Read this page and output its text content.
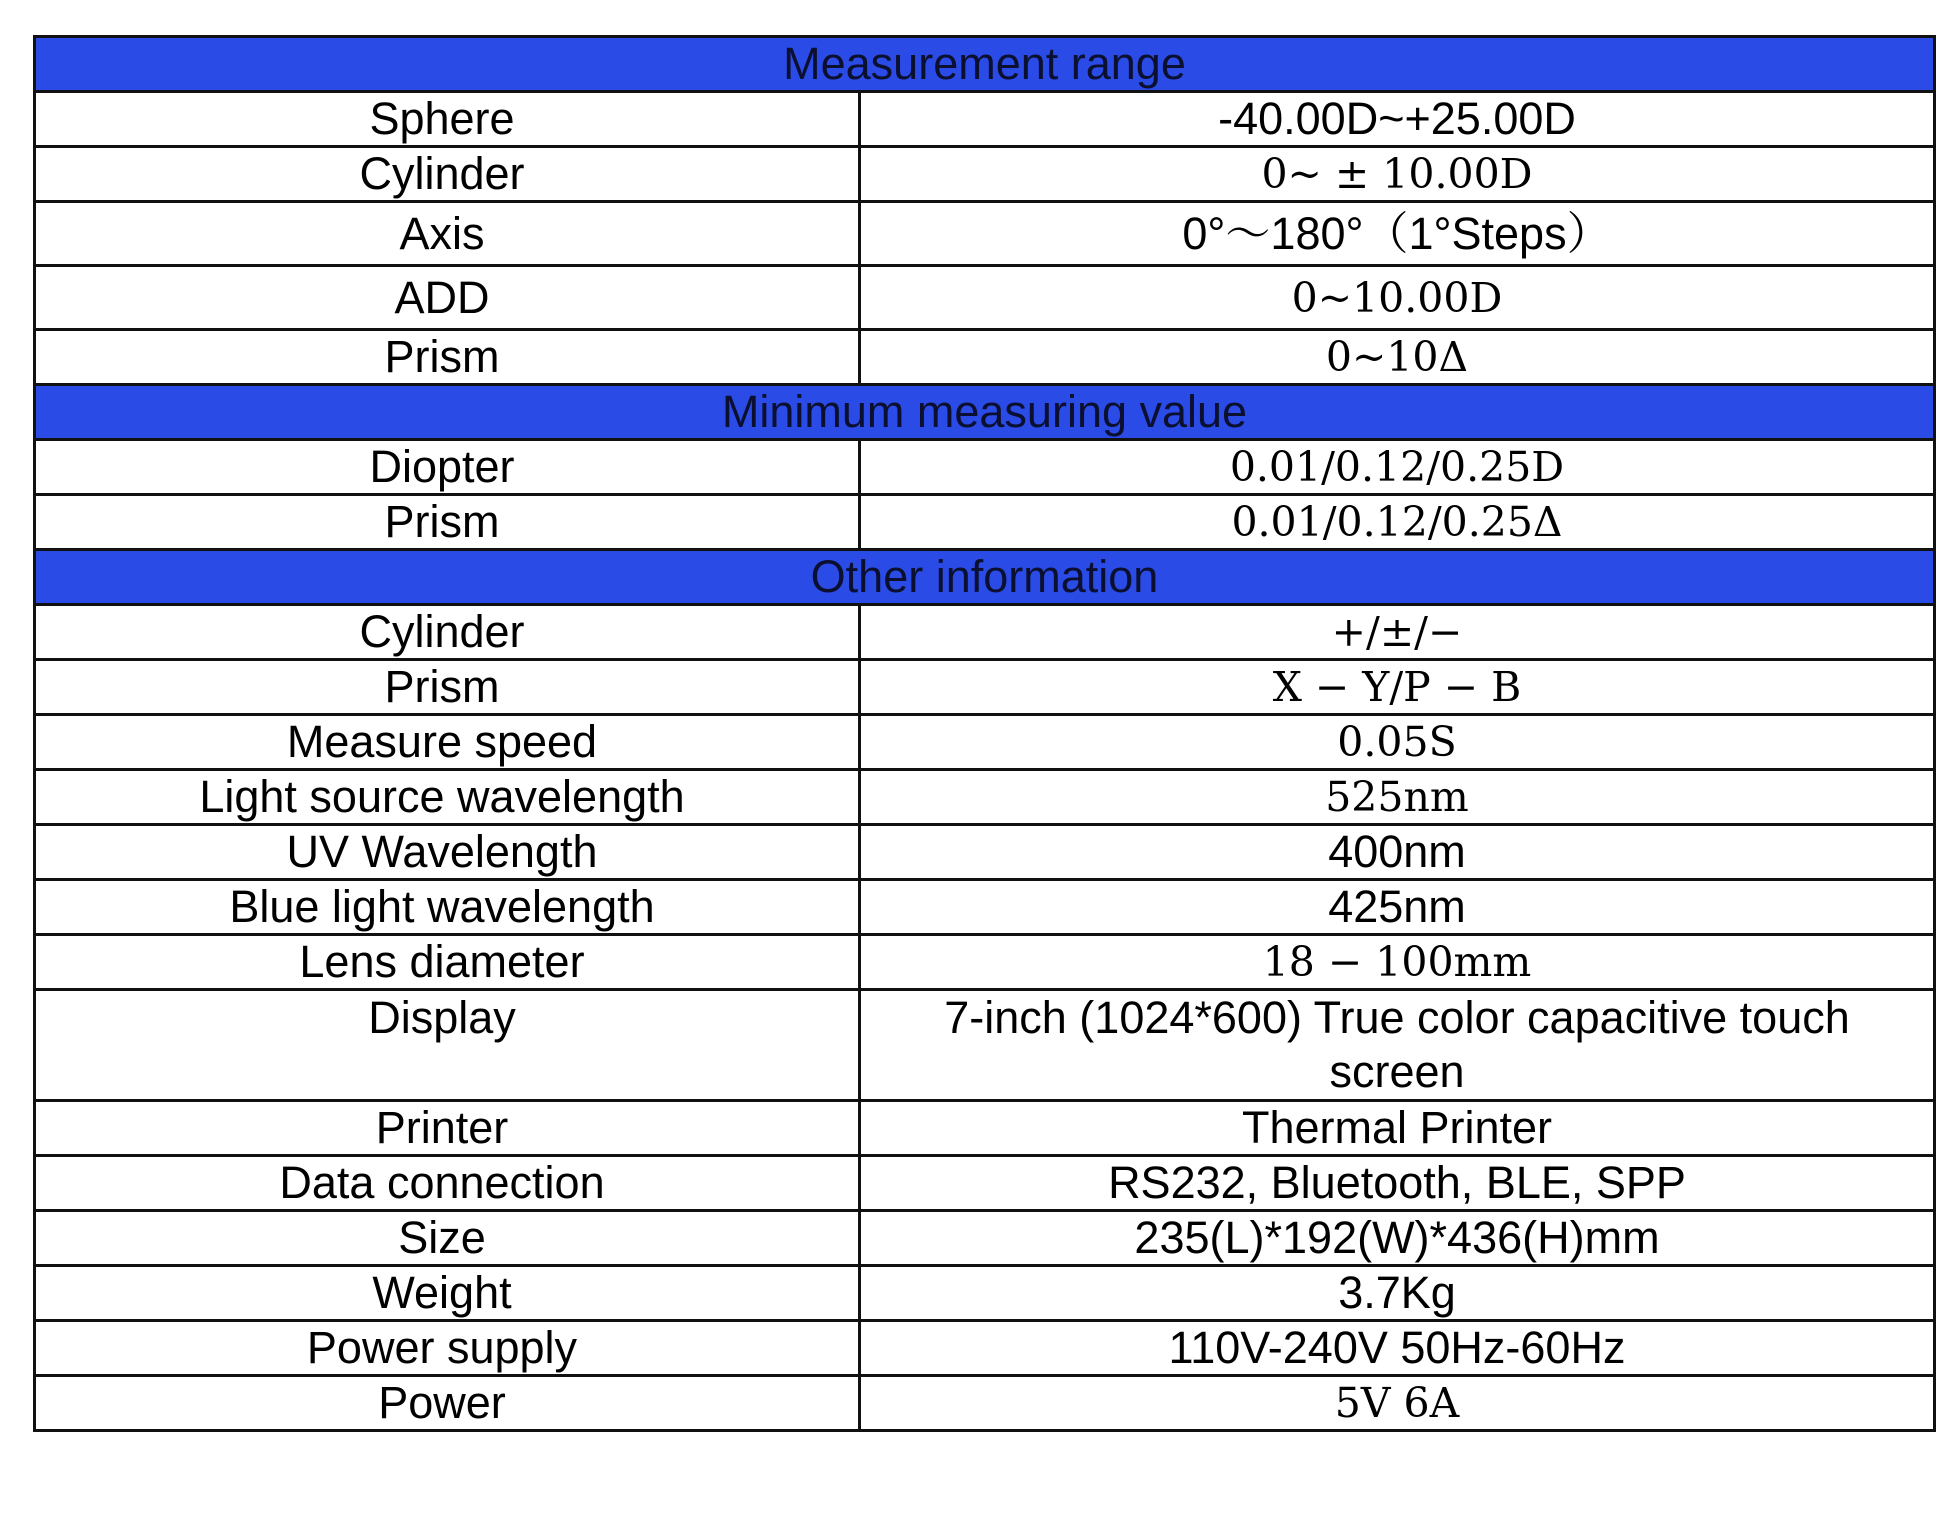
Measurement range	
Sphere	-40.00D~+25.00D
Cylinder	0~ ± 10.00D
Axis	0°～180°（1°Steps）
ADD	0~10.00D
Prism	0~10Δ
Minimum measuring value	
Diopter	0.01/0.12/0.25D
Prism	0.01/0.12/0.25Δ
Other information	
Cylinder	+/±/−
Prism	X − Y/P − B
Measure speed	0.05S
Light source wavelength	525nm
UV Wavelength	400nm
Blue light wavelength	425nm
Lens diameter	18 − 100mm
Display	7-inch (1024*600) True color capacitive touch screen
Printer	Thermal Printer
Data connection	RS232, Bluetooth, BLE, SPP
Size	235(L)*192(W)*436(H)mm
Weight	3.7Kg
Power supply	110V-240V 50Hz-60Hz
Power	5V 6A
